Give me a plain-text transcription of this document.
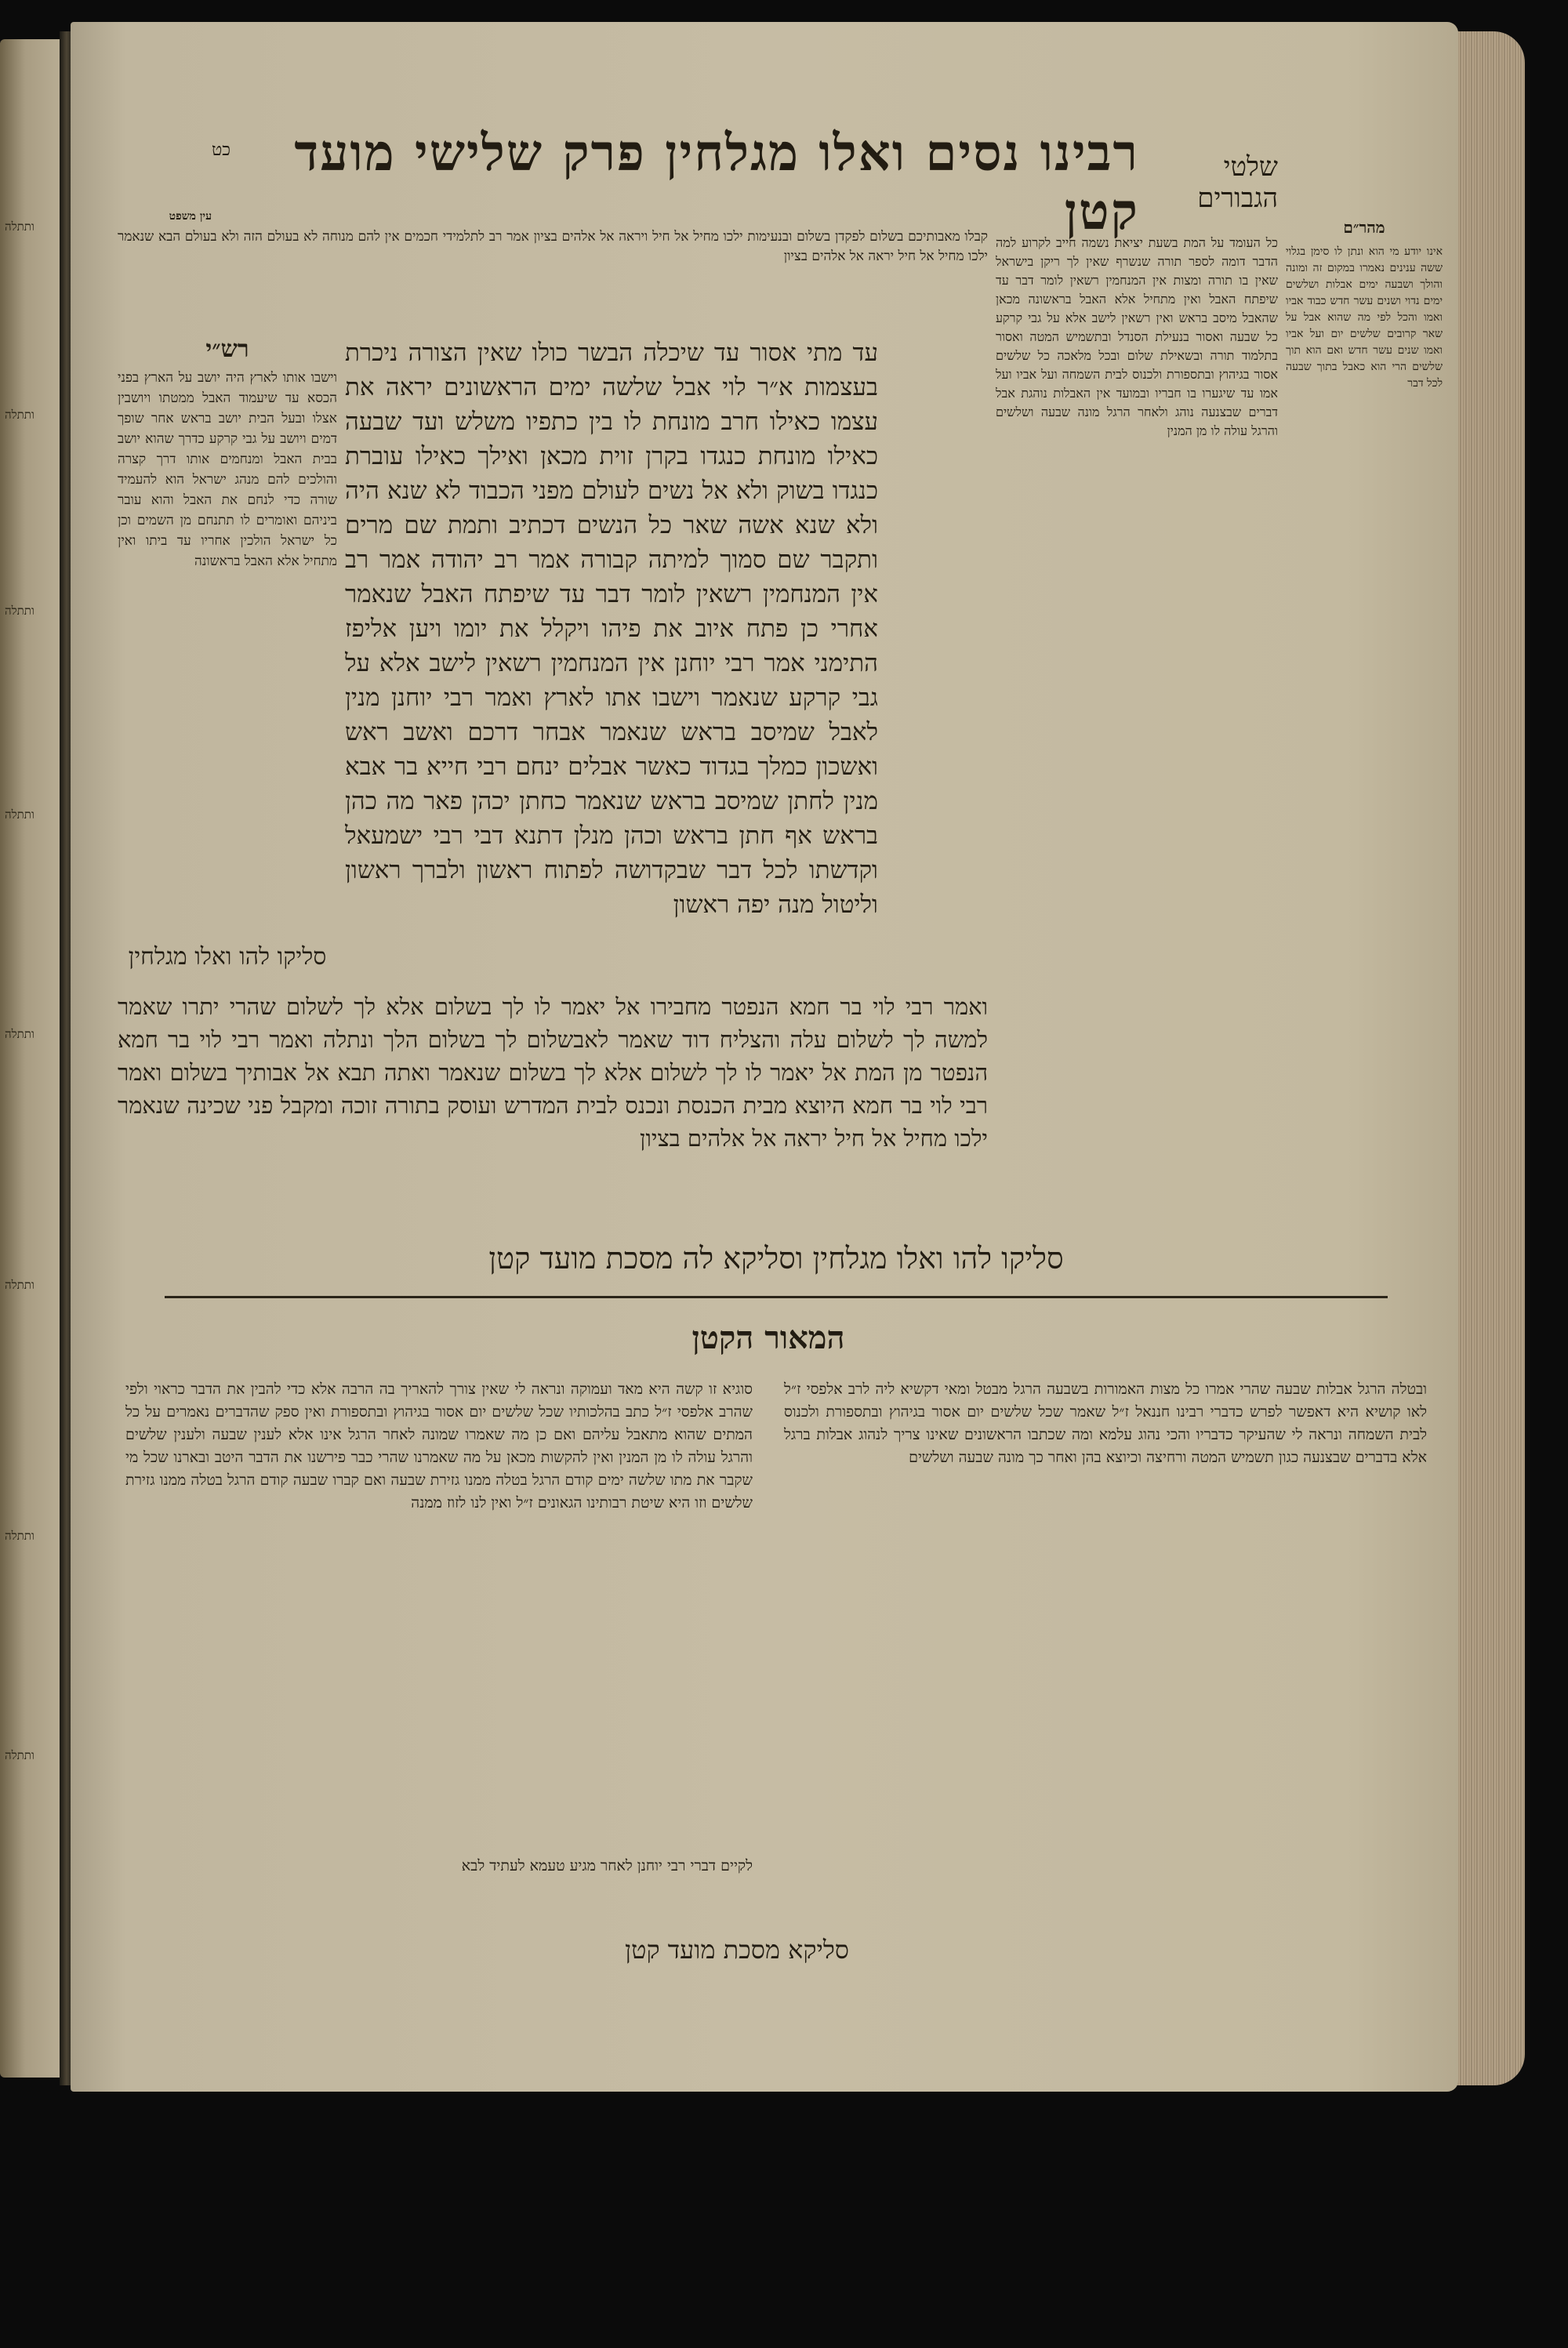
ותתלה
ותתלה
ותתלה
ותתלה
ותתלה
ותתלה
ותתלה
ותתלה
שלטי הגבורים
רבינו נסים ואלו מגלחין פרק שלישי מועד קטן
כט
כל העומד על המת בשעת יציאת נשמה חייב לקרוע למה הדבר דומה לספר תורה שנשרף שאין לך ריקן בישראל שאין בו תורה ומצות אין המנחמין רשאין לומר דבר עד שיפתח האבל ואין מתחיל אלא האבל בראשונה מכאן שהאבל מיסב בראש ואין רשאין לישב אלא על גבי קרקע כל שבעה ואסור בנעילת הסנדל ובתשמיש המטה ואסור בתלמוד תורה ובשאילת שלום ובכל מלאכה כל שלשים אסור בגיהוץ ובתספורת ולכנוס לבית השמחה ועל אביו ועל אמו עד שיגערו בו חבריו ובמועד אין האבלות נוהגת אבל דברים שבצנעה נוהג ולאחר הרגל מונה שבעה ושלשים והרגל עולה לו מן המנין
מהר״ם
אינו יודע מי הוא ונתן לו סימן בגלוי ששה ענינים נאמרו במקום זה ומונה והולך ושבעה ימים אבלות ושלשים ימים נדוי ושנים עשר חדש כבוד אביו ואמו והכל לפי מה שהוא אבל על שאר קרובים שלשים יום ועל אביו ואמו שנים עשר חדש ואם הוא תוך שלשים הרי הוא כאבל בתוך שבעה לכל דבר
קבלו מאבותיכם בשלום לפקדן בשלום ובנעימות ילכו מחיל אל חיל ויראה אל אלהים בציון אמר רב לתלמידי חכמים אין להם מנוחה לא בעולם הזה ולא בעולם הבא שנאמר ילכו מחיל אל חיל יראה אל אלהים בציון
עין משפט
עד מתי אסור עד שיכלה הבשר כולו שאין הצורה ניכרת בעצמות א״ר לוי אבל שלשה ימים הראשונים יראה את עצמו כאילו חרב מונחת לו בין כתפיו משלש ועד שבעה כאילו מונחת כנגדו בקרן זוית מכאן ואילך כאילו עוברת כנגדו בשוק ולא אל נשים לעולם מפני הכבוד לא שנא היה ולא שנא אשה שאר כל הנשים דכתיב ותמת שם מרים ותקבר שם סמוך למיתה קבורה אמר רב יהודה אמר רב אין המנחמין רשאין לומר דבר עד שיפתח האבל שנאמר אחרי כן פתח איוב את פיהו ויקלל את יומו ויען אליפז התימני אמר רבי יוחנן אין המנחמין רשאין לישב אלא על גבי קרקע שנאמר וישבו אתו לארץ ואמר רבי יוחנן מנין לאבל שמיסב בראש שנאמר אבחר דרכם ואשב ראש ואשכון כמלך בגדוד כאשר אבלים ינחם רבי חייא בר אבא מנין לחתן שמיסב בראש שנאמר כחתן יכהן פאר מה כהן בראש אף חתן בראש וכהן מנלן דתנא דבי רבי ישמעאל וקדשתו לכל דבר שבקדושה לפתוח ראשון ולברך ראשון וליטול מנה יפה ראשון
רש״י
וישבו אותו לארץ היה יושב על הארץ בפני הכסא עד שיעמוד האבל ממטתו ויושבין אצלו ובעל הבית יושב בראש אחר שופך דמים ויושב על גבי קרקע כדרך שהוא יושב בבית האבל ומנחמים אותו דרך קצרה והולכים להם מנהג ישראל הוא להעמיד שורה כדי לנחם את האבל והוא עובר ביניהם ואומרים לו תתנחם מן השמים וכן כל ישראל הולכין אחריו עד ביתו ואין מתחיל אלא האבל בראשונה
סליקו להו ואלו מגלחין
ואמר רבי לוי בר חמא הנפטר מחבירו אל יאמר לו לך בשלום אלא לך לשלום שהרי יתרו שאמר למשה לך לשלום עלה והצליח דוד שאמר לאבשלום לך בשלום הלך ונתלה ואמר רבי לוי בר חמא הנפטר מן המת אל יאמר לו לך לשלום אלא לך בשלום שנאמר ואתה תבא אל אבותיך בשלום ואמר רבי לוי בר חמא היוצא מבית הכנסת ונכנס לבית המדרש ועוסק בתורה זוכה ומקבל פני שכינה שנאמר ילכו מחיל אל חיל יראה אל אלהים בציון
סליקו להו ואלו מגלחין וסליקא לה מסכת מועד קטן
המאור הקטן
סוגיא זו קשה היא מאד ועמוקה ונראה לי שאין צורך להאריך בה הרבה אלא כדי להבין את הדבר כראוי ולפי שהרב אלפסי ז״ל כתב בהלכותיו שכל שלשים יום אסור בגיהוץ ובתספורת ואין ספק שהדברים נאמרים על כל המתים שהוא מתאבל עליהם ואם כן מה שאמרו שמונה לאחר הרגל אינו אלא לענין שבעה ולענין שלשים והרגל עולה לו מן המנין ואין להקשות מכאן על מה שאמרנו שהרי כבר פירשנו את הדבר היטב ובארנו שכל מי שקבר את מתו שלשה ימים קודם הרגל בטלה ממנו גזירת שבעה ואם קברו שבעה קודם הרגל בטלה ממנו גזירת שלשים וזו היא שיטת רבותינו הגאונים ז״ל ואין לנו לזוז ממנה
ובטלה הרגל אבלות שבעה שהרי אמרו כל מצות האמורות בשבעה הרגל מבטל ומאי דקשיא ליה לרב אלפסי ז״ל לאו קושיא היא דאפשר לפרש כדברי רבינו חננאל ז״ל שאמר שכל שלשים יום אסור בגיהוץ ובתספורת ולכנוס לבית השמחה ונראה לי שהעיקר כדבריו והכי נהוג עלמא ומה שכתבו הראשונים שאינו צריך לנהוג אבלות ברגל אלא בדברים שבצנעה כגון תשמיש המטה ורחיצה וכיוצא בהן ואחר כך מונה שבעה ושלשים
לקיים דברי רבי יוחנן לאחר מגיע טעמא לעתיד לבא
סליקא מסכת מועד קטן
